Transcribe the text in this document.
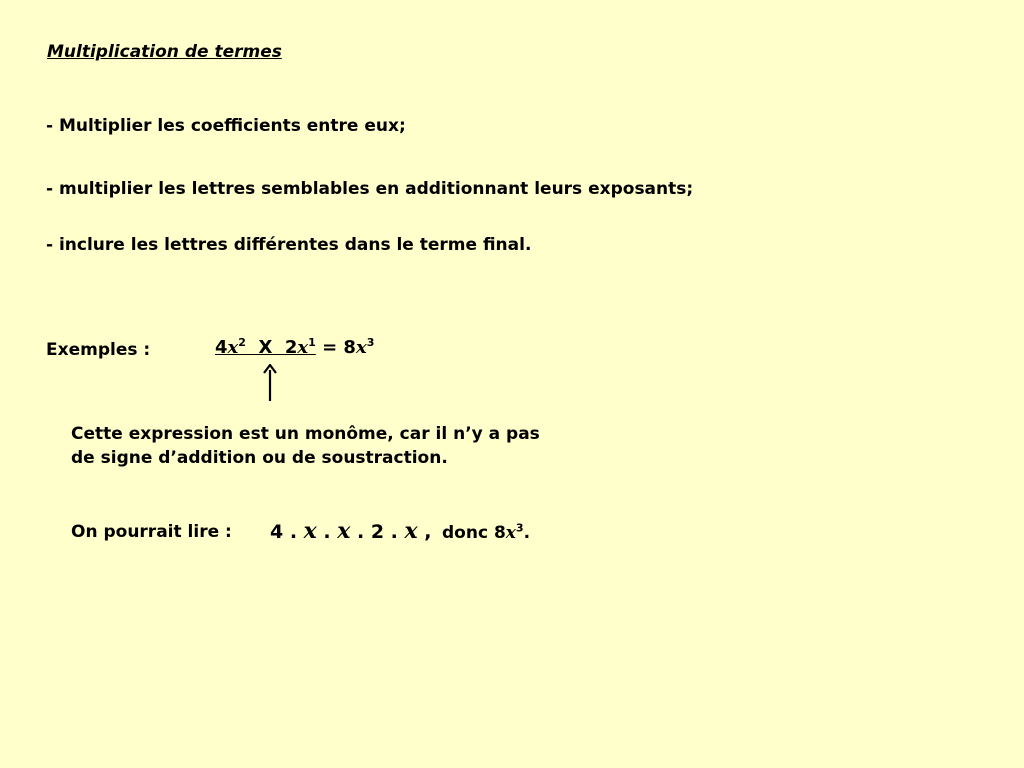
Multiplication de termes
- Multiplier les coefficients entre eux;
- multiplier les lettres semblables en additionnant leurs exposants;
- inclure les lettres différentes dans le terme final.
Exemples :	$4x^2$  X  $2x^1 = 8x^3$
Cette expression est un monôme, car il n’y a pas
de signe d’addition ou de soustraction.
On pourrait lire : 4 . x . x . 2 . x , donc $8x^3$.
